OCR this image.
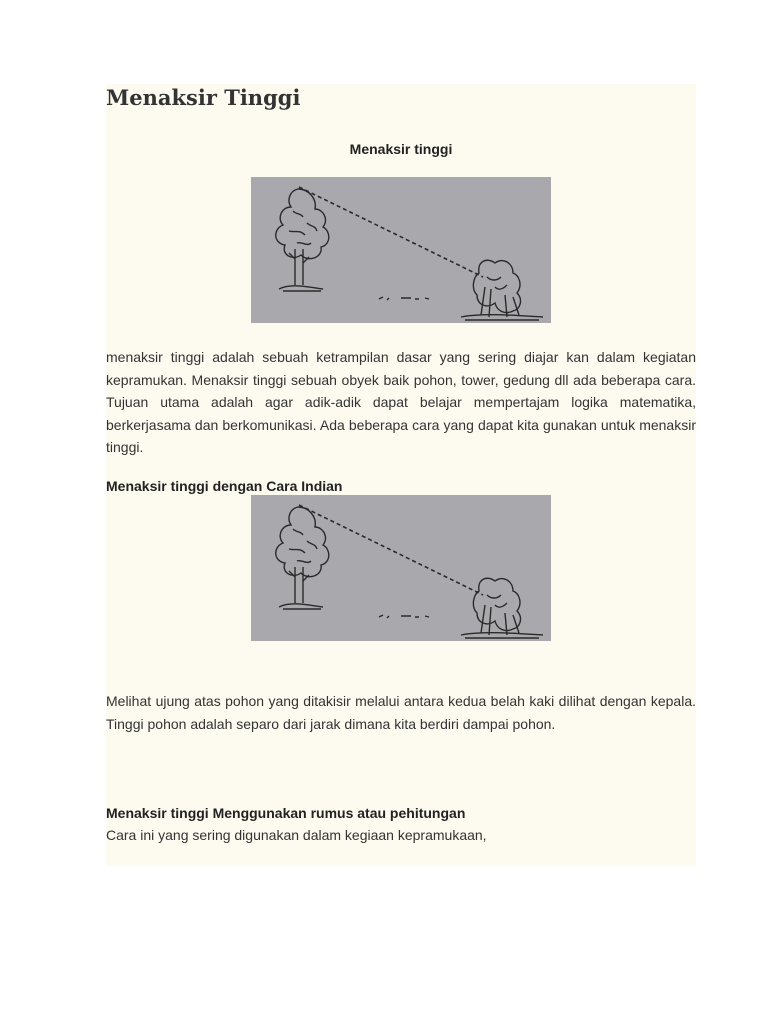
Menaksir Tinggi
Menaksir tinggi

menaksir tinggi adalah sebuah ketrampilan dasar yang sering diajar kan dalam kegiatan kepramukan. Menaksir tinggi sebuah obyek baik pohon, tower, gedung dll ada beberapa cara. Tujuan utama adalah agar adik-adik dapat belajar mempertajam logika matematika, berkerjasama dan berkomunikasi. Ada beberapa cara yang dapat kita gunakan untuk menaksir tinggi.

Menaksir tinggi dengan Cara Indian

Melihat ujung atas pohon yang ditakisir melalui antara kedua belah kaki dilihat dengan kepala. Tinggi pohon adalah separo dari jarak dimana kita berdiri dampai pohon.

Menaksir tinggi Menggunakan rumus atau pehitungan

Cara ini yang sering digunakan dalam kegiaan kepramukaan,
